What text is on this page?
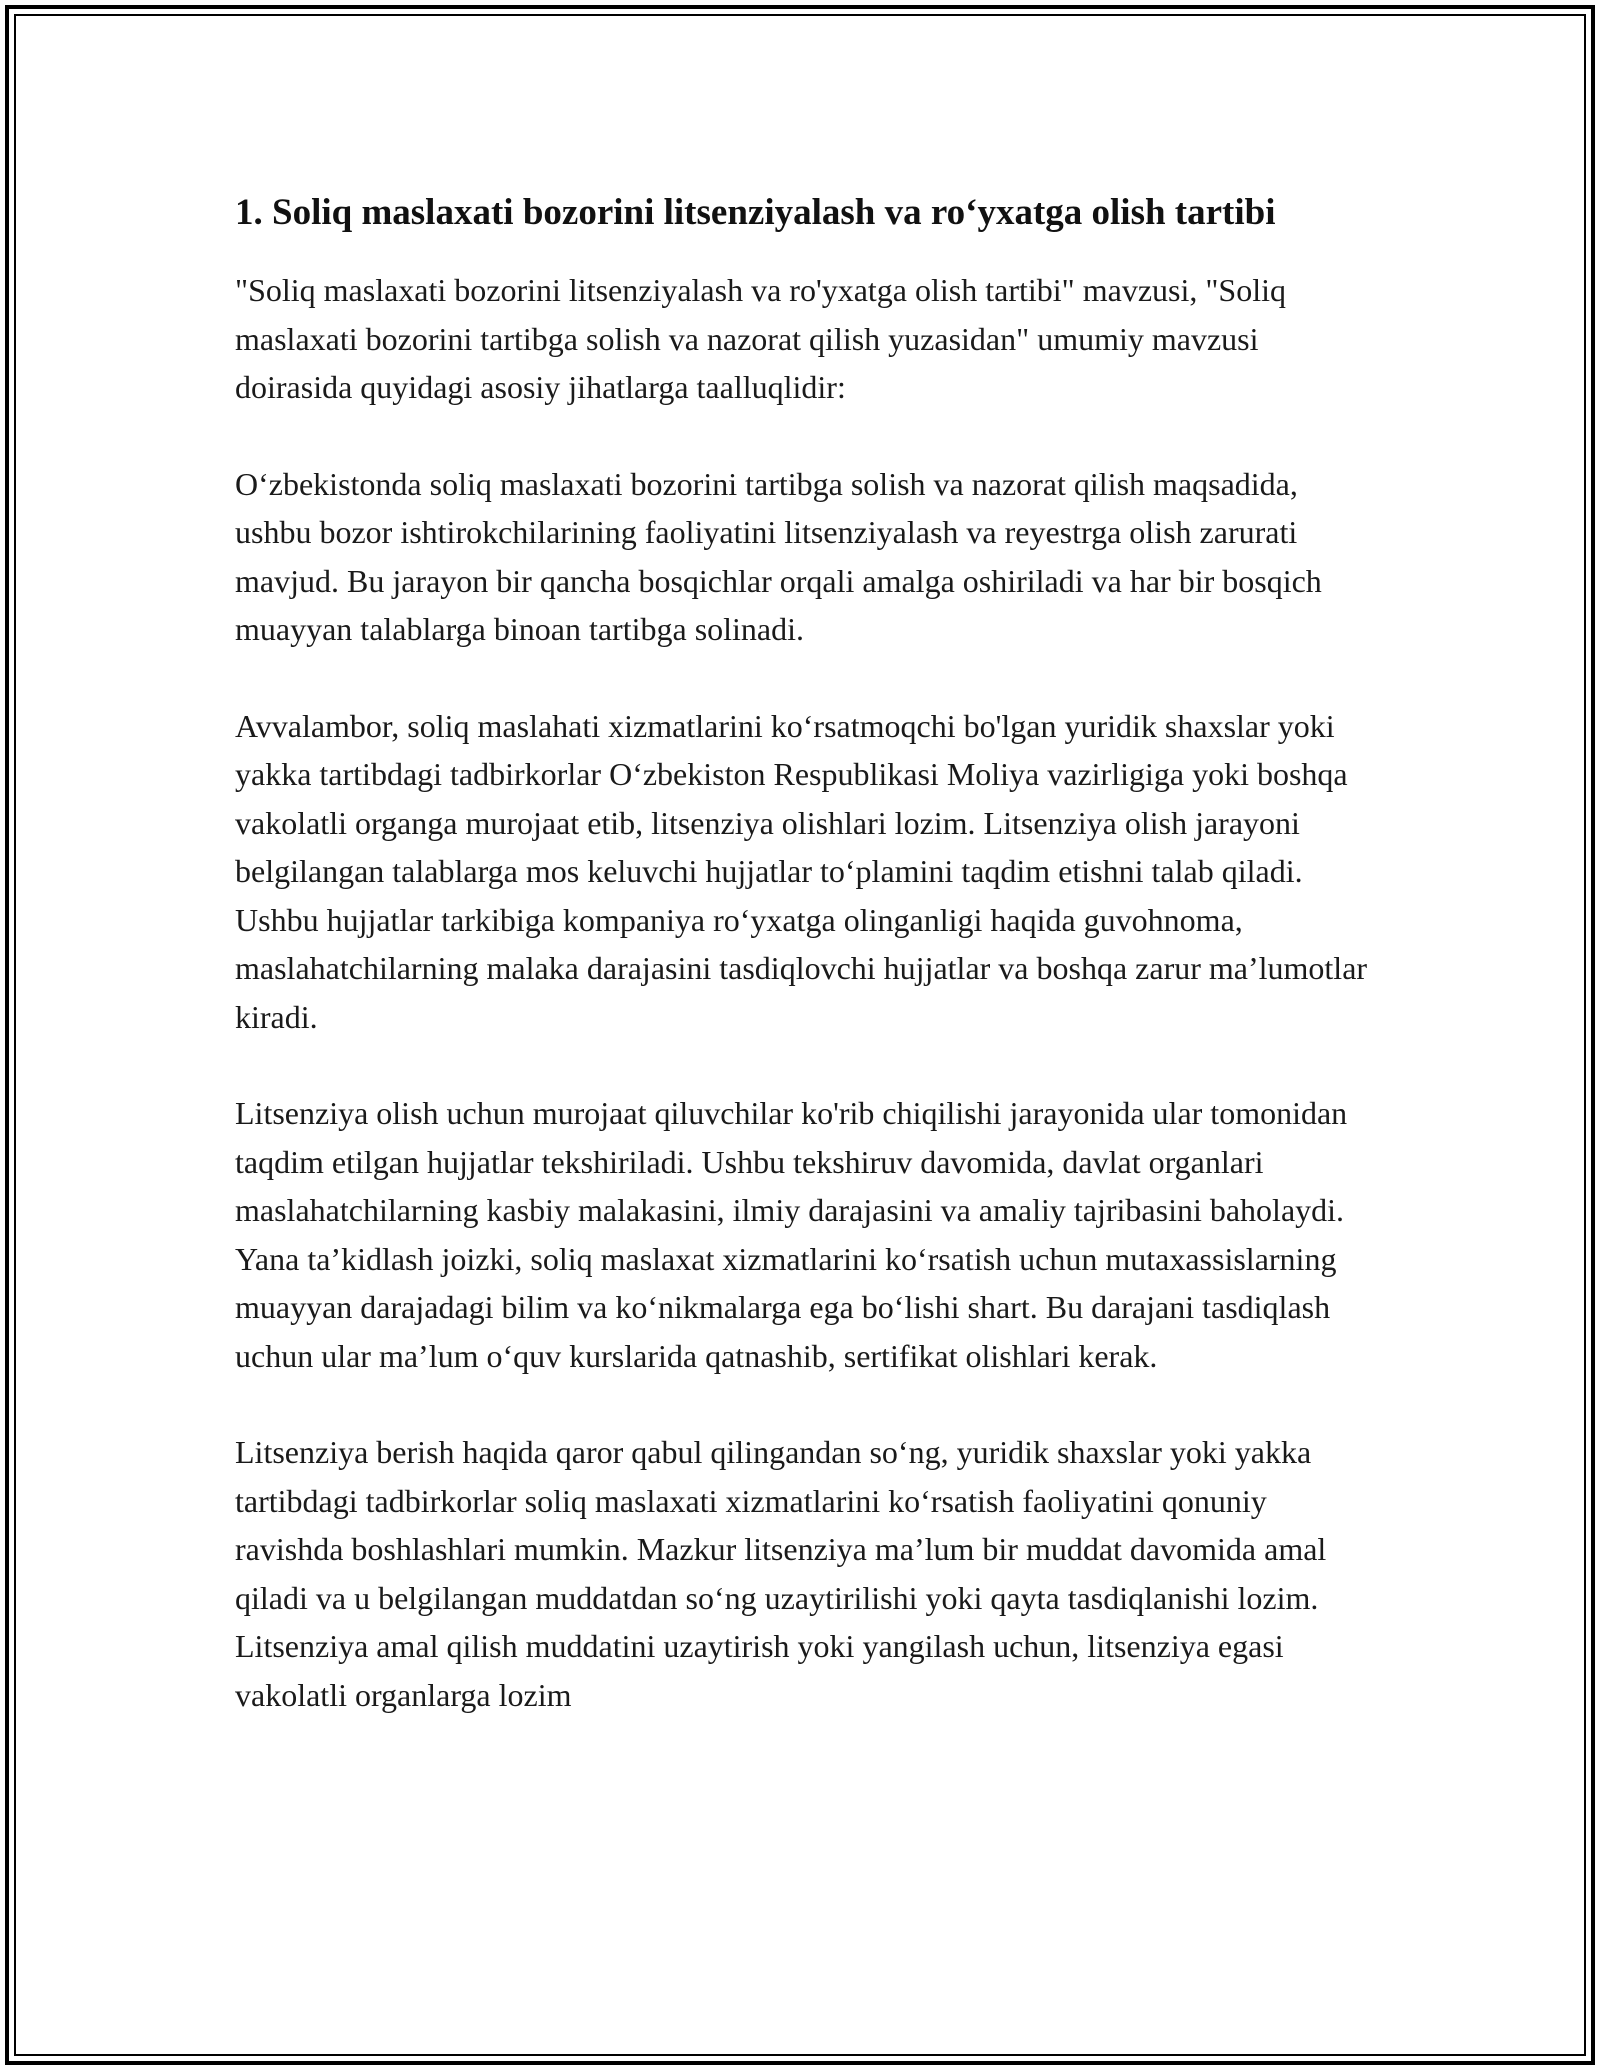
1. Soliq maslaxati bozorini litsenziyalash va ro‘yxatga olish tartibi

"Soliq maslaxati bozorini litsenziyalash va ro'yxatga olish tartibi" mavzusi, "Soliq maslaxati bozorini tartibga solish va nazorat qilish yuzasidan" umumiy mavzusi doirasida quyidagi asosiy jihatlarga taalluqlidir:

O‘zbekistonda soliq maslaxati bozorini tartibga solish va nazorat qilish maqsadida, ushbu bozor ishtirokchilarining faoliyatini litsenziyalash va reyestrga olish zarurati mavjud. Bu jarayon bir qancha bosqichlar orqali amalga oshiriladi va har bir bosqich muayyan talablarga binoan tartibga solinadi.

Avvalambor, soliq maslahati xizmatlarini ko‘rsatmoqchi bo'lgan yuridik shaxslar yoki yakka tartibdagi tadbirkorlar O‘zbekiston Respublikasi Moliya vazirligiga yoki boshqa vakolatli organga murojaat etib, litsenziya olishlari lozim. Litsenziya olish jarayoni belgilangan talablarga mos keluvchi hujjatlar to‘plamini taqdim etishni talab qiladi. Ushbu hujjatlar tarkibiga kompaniya ro‘yxatga olinganligi haqida guvohnoma, maslahatchilarning malaka darajasini tasdiqlovchi hujjatlar va boshqa zarur ma’lumotlar kiradi.

Litsenziya olish uchun murojaat qiluvchilar ko'rib chiqilishi jarayonida ular tomonidan taqdim etilgan hujjatlar tekshiriladi. Ushbu tekshiruv davomida, davlat organlari maslahatchilarning kasbiy malakasini, ilmiy darajasini va amaliy tajribasini baholaydi. Yana ta’kidlash joizki, soliq maslaxat xizmatlarini ko‘rsatish uchun mutaxassislarning muayyan darajadagi bilim va ko‘nikmalarga ega bo‘lishi shart. Bu darajani tasdiqlash uchun ular ma’lum o‘quv kurslarida qatnashib, sertifikat olishlari kerak.

Litsenziya berish haqida qaror qabul qilingandan so‘ng, yuridik shaxslar yoki yakka tartibdagi tadbirkorlar soliq maslaxati xizmatlarini ko‘rsatish faoliyatini qonuniy ravishda boshlashlari mumkin. Mazkur litsenziya ma’lum bir muddat davomida amal qiladi va u belgilangan muddatdan so‘ng uzaytirilishi yoki qayta tasdiqlanishi lozim. Litsenziya amal qilish muddatini uzaytirish yoki yangilash uchun, litsenziya egasi vakolatli organlarga lozim
